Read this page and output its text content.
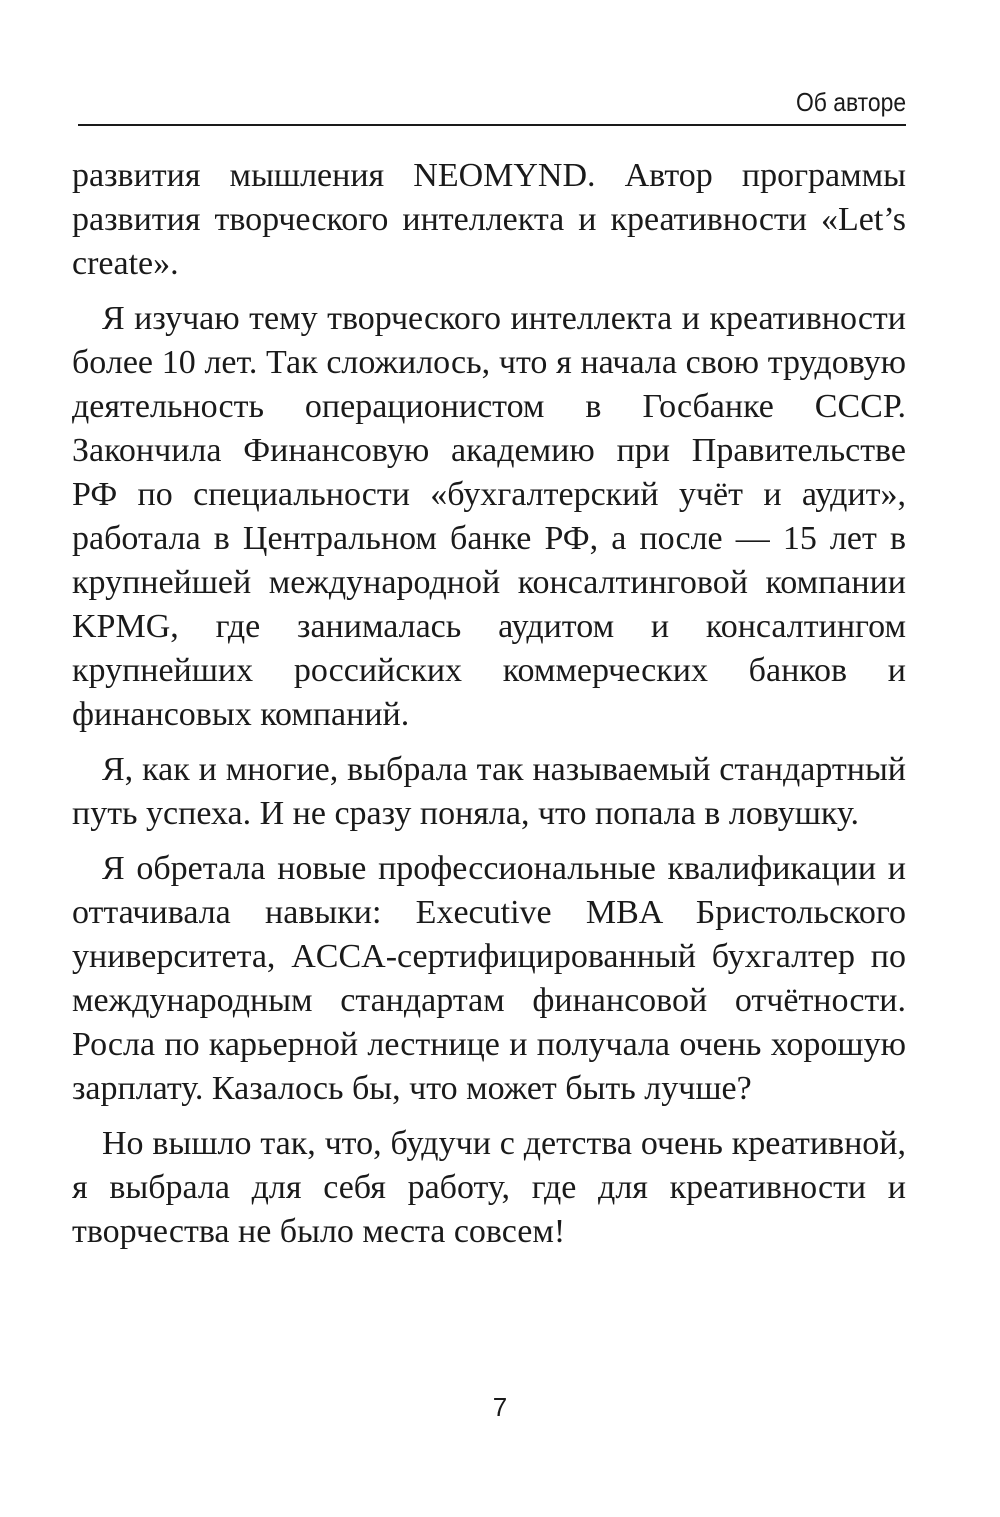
Об авторе

развития мышления NEOMYND. Автор программы развития творческого интеллекта и креативности «Let’s create».

Я изучаю тему творческого интеллекта и креативности более 10 лет. Так сложилось, что я начала свою трудовую деятельность операционистом в Госбанке СССР. Закончила Финансовую академию при Правительстве РФ по специальности «бухгалтерский учёт и аудит», работала в Центральном банке РФ, а после — 15 лет в крупнейшей международной консалтинговой компании KPMG, где занималась аудитом и консалтингом крупнейших российских коммерческих банков и финансовых компаний.

Я, как и многие, выбрала так называемый стандартный путь успеха. И не сразу поняла, что попала в ловушку.

Я обретала новые профессиональные квалификации и оттачивала навыки: Executive MBA Бристольского университета, ACCA-сертифицированный бухгалтер по международным стандартам финансовой отчётности. Росла по карьерной лестнице и получала очень хорошую зарплату. Казалось бы, что может быть лучше?

Но вышло так, что, будучи с детства очень креативной, я выбрала для себя работу, где для креативности и творчества не было места совсем!

7
